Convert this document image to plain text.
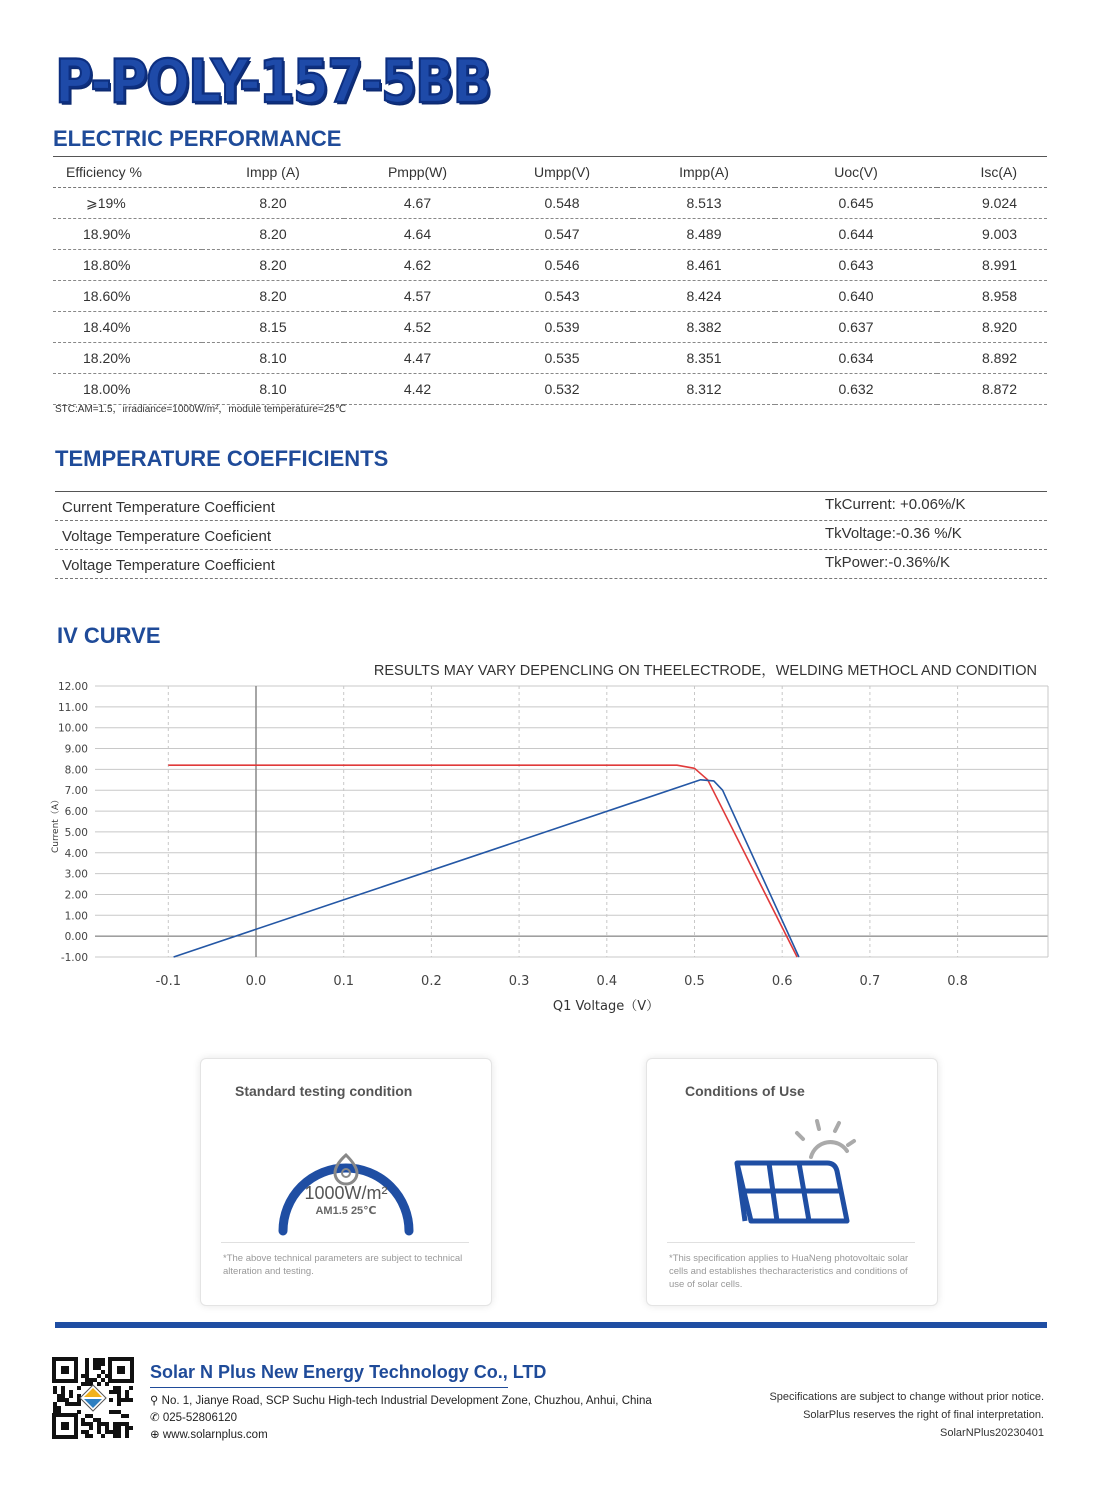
P-POLY-157-5BB
ELECTRIC PERFORMANCE
Efficiency %	Impp (A)	Pmpp(W)	Umpp(V)	Impp(A)	Uoc(V)	Isc(A)
⩾19%	8.20	4.67	0.548	8.513	0.645	9.024
18.90%	8.20	4.64	0.547	8.489	0.644	9.003
18.80%	8.20	4.62	0.546	8.461	0.643	8.991
18.60%	8.20	4.57	0.543	8.424	0.640	8.958
18.40%	8.15	4.52	0.539	8.382	0.637	8.920
18.20%	8.10	4.47	0.535	8.351	0.634	8.892
18.00%	8.10	4.42	0.532	8.312	0.632	8.872
STC:AM=1.5，irradiance=1000W/m²，module temperature=25℃
TEMPERATURE COEFFICIENTS
Current Temperature Coefficient	TkCurrent: +0.06%/K
Voltage Temperature Coeficient	TkVoltage:-0.36 %/K
Voltage Temperature Coefficient	TkPower:-0.36%/K
IV CURVE
RESULTS MAY VARY DEPENCLING ON THEELECTRODE，WELDING METHOCL AND CONDITION
-1.00
0.00
1.00
2.00
3.00
4.00
5.00
6.00
7.00
8.00
9.00
10.00
11.00
12.00
-0.1	0.0	0.1	0.2	0.3	0.4	0.5	0.6	0.7	0.8
Q1 Voltage（V）
Current（A）
Standard testing condition
1000W/m²
AM1.5 25℃
*The above technical parameters are subject to technical alteration and testing.
Conditions of Use
*This specification applies to HuaNeng photovoltaic solar cells and establishes thecharacteristics and conditions of use of solar cells.
Solar N Plus New Energy Technology Co., LTD
⚲ No. 1, Jianye Road, SCP Suchu High-tech Industrial Development Zone, Chuzhou, Anhui, China
✆ 025-52806120
⊕ www.solarnplus.com
Specifications are subject to change without prior notice.
SolarPlus reserves the right of final interpretation.
SolarNPlus20230401
